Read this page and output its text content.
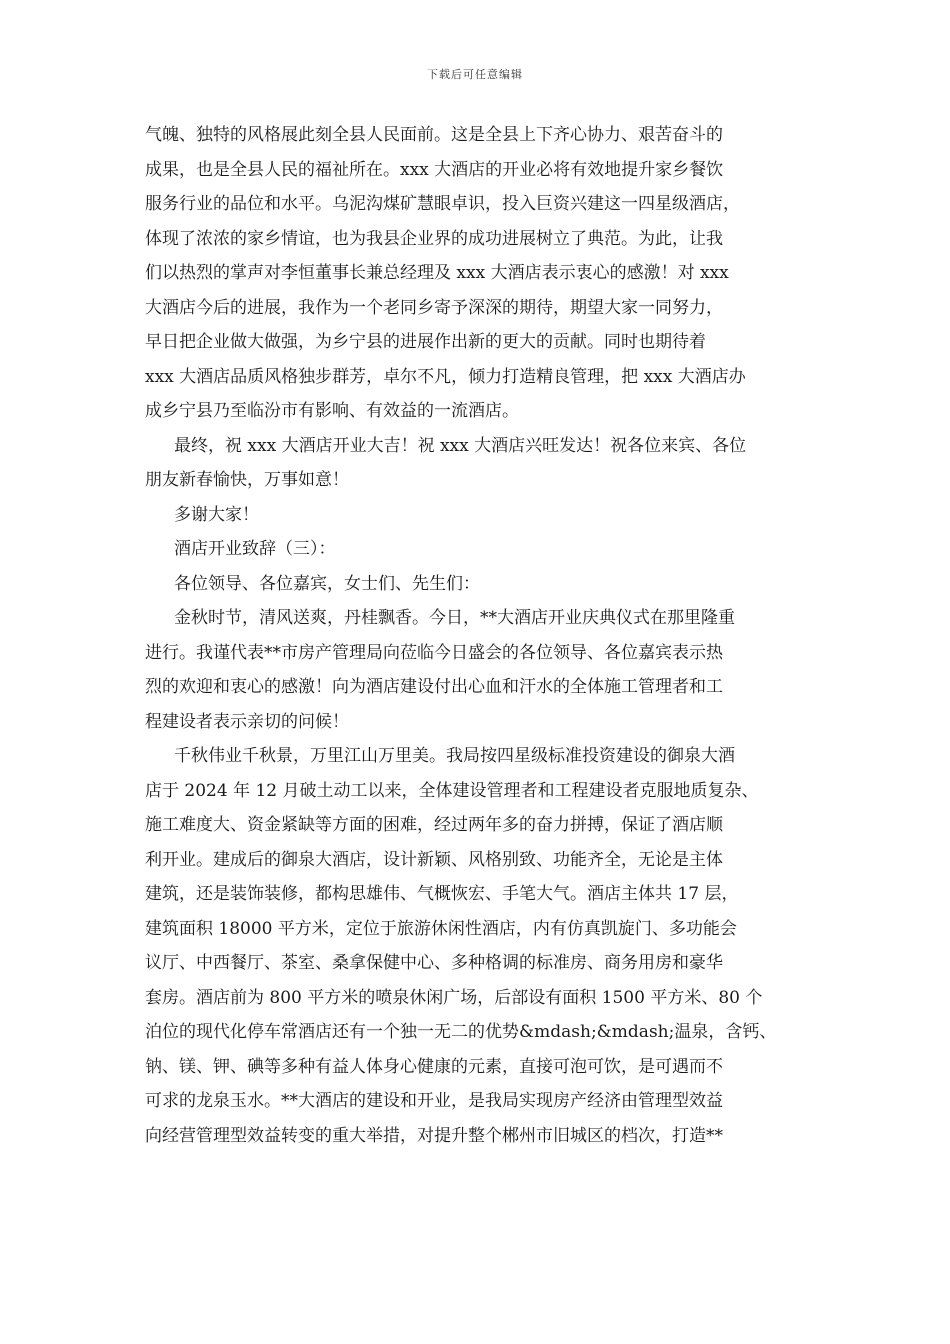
下载后可任意编辑
气魄、独特的风格展此刻全县人民面前。这是全县上下齐心协力、艰苦奋斗的
成果，也是全县人民的福祉所在。xxx 大酒店的开业必将有效地提升家乡餐饮
服务行业的品位和水平。乌泥沟煤矿慧眼卓识，投入巨资兴建这一四星级酒店，
体现了浓浓的家乡情谊，也为我县企业界的成功进展树立了典范。为此，让我
们以热烈的掌声对李恒董事长兼总经理及 xxx 大酒店表示衷心的感激！对 xxx
大酒店今后的进展，我作为一个老同乡寄予深深的期待，期望大家一同努力，
早日把企业做大做强，为乡宁县的进展作出新的更大的贡献。同时也期待着
xxx 大酒店品质风格独步群芳，卓尔不凡，倾力打造精良管理，把 xxx 大酒店办
成乡宁县乃至临汾市有影响、有效益的一流酒店。
最终，祝 xxx 大酒店开业大吉！祝 xxx 大酒店兴旺发达！祝各位来宾、各位
朋友新春愉快，万事如意！
多谢大家！
酒店开业致辞（三）：
各位领导、各位嘉宾，女士们、先生们：
金秋时节，清风送爽，丹桂飘香。今日，**大酒店开业庆典仪式在那里隆重
进行。我谨代表**市房产管理局向莅临今日盛会的各位领导、各位嘉宾表示热
烈的欢迎和衷心的感激！向为酒店建设付出心血和汗水的全体施工管理者和工
程建设者表示亲切的问候！
千秋伟业千秋景，万里江山万里美。我局按四星级标准投资建设的御泉大酒
店于 2024 年 12 月破土动工以来，全体建设管理者和工程建设者克服地质复杂、
施工难度大、资金紧缺等方面的困难，经过两年多的奋力拼搏，保证了酒店顺
利开业。建成后的御泉大酒店，设计新颖、风格别致、功能齐全，无论是主体
建筑，还是装饰装修，都构思雄伟、气概恢宏、手笔大气。酒店主体共 17 层，
建筑面积 18000 平方米，定位于旅游休闲性酒店，内有仿真凯旋门、多功能会
议厅、中西餐厅、茶室、桑拿保健中心、多种格调的标准房、商务用房和豪华
套房。酒店前为 800 平方米的喷泉休闲广场，后部设有面积 1500 平方米、80 个
泊位的现代化停车常酒店还有一个独一无二的优势&mdash;&mdash;温泉，含钙、
钠、镁、钾、碘等多种有益人体身心健康的元素，直接可泡可饮，是可遇而不
可求的龙泉玉水。**大酒店的建设和开业，是我局实现房产经济由管理型效益
向经营管理型效益转变的重大举措，对提升整个郴州市旧城区的档次，打造**
